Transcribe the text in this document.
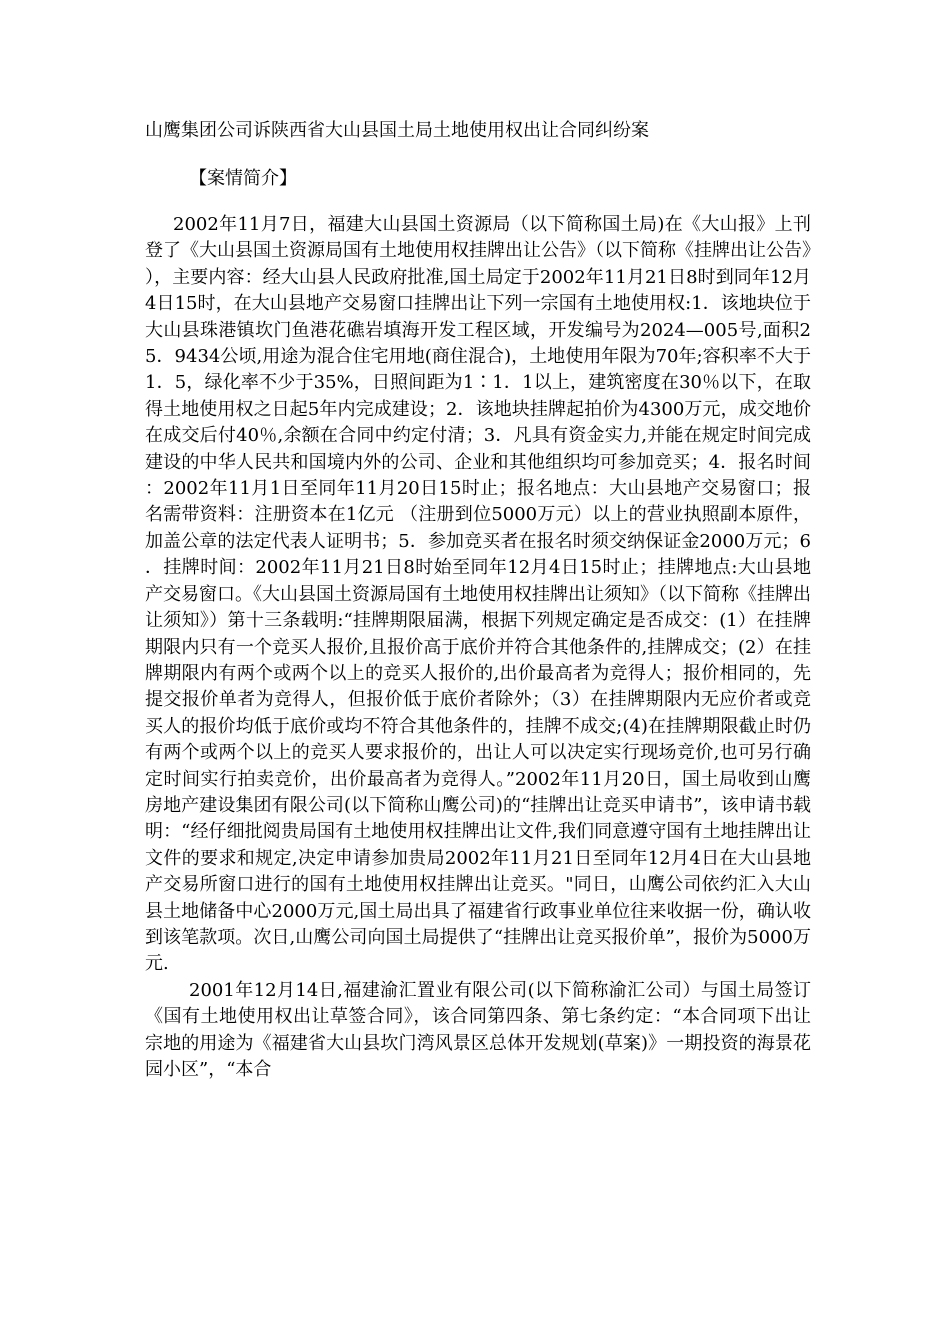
山鹰集团公司诉陕西省大山县国土局土地使用权出让合同纠纷案
【案情简介】

2002年11月7日，福建大山县国土资源局（以下简称国土局)在《大山报》上刊登了《大山县国土资源局国有土地使用权挂牌出让公告》（以下简称《挂牌出让公告》），主要内容：经大山县人民政府批准,国土局定于2002年11月21日8时到同年12月4日15时，在大山县地产交易窗口挂牌出让下列一宗国有土地使用权:1．该地块位于大山县珠港镇坎门鱼港花礁岩填海开发工程区域，开发编号为2024—005号,面积25．9434公顷,用途为混合住宅用地(商住混合)，土地使用年限为70年;容积率不大于1．5，绿化率不少于35%，日照间距为1∶1．1以上，建筑密度在30％以下，在取得土地使用权之日起5年内完成建设；2．该地块挂牌起拍价为4300万元，成交地价在成交后付40％,余额在合同中约定付清；3．凡具有资金实力,并能在规定时间完成建设的中华人民共和国境内外的公司、企业和其他组织均可参加竞买；4．报名时间：2002年11月1日至同年11月20日15时止；报名地点：大山县地产交易窗口；报名需带资料：注册资本在1亿元 （注册到位5000万元）以上的营业执照副本原件，加盖公章的法定代表人证明书；5．参加竞买者在报名时须交纳保证金2000万元；6．挂牌时间：2002年11月21日8时始至同年12月4日15时止；挂牌地点:大山县地产交易窗口。《大山县国土资源局国有土地使用权挂牌出让须知》（以下简称《挂牌出让须知》）第十三条载明:“挂牌期限届满，根据下列规定确定是否成交：(1）在挂牌期限内只有一个竞买人报价,且报价高于底价并符合其他条件的,挂牌成交；(2）在挂牌期限内有两个或两个以上的竞买人报价的,出价最高者为竞得人；报价相同的，先提交报价单者为竞得人，但报价低于底价者除外；（3）在挂牌期限内无应价者或竞买人的报价均低于底价或均不符合其他条件的，挂牌不成交;(4)在挂牌期限截止时仍有两个或两个以上的竞买人要求报价的，出让人可以决定实行现场竞价,也可另行确定时间实行拍卖竞价，出价最高者为竞得人。”2002年11月20日，国土局收到山鹰房地产建设集团有限公司(以下简称山鹰公司)的“挂牌出让竞买申请书”，该申请书载明：“经仔细批阅贵局国有土地使用权挂牌出让文件,我们同意遵守国有土地挂牌出让文件的要求和规定,决定申请参加贵局2002年11月21日至同年12月4日在大山县地产交易所窗口进行的国有土地使用权挂牌出让竞买。"同日，山鹰公司依约汇入大山县土地储备中心2000万元,国土局出具了福建省行政事业单位往来收据一份，确认收到该笔款项。次日,山鹰公司向国土局提供了“挂牌出让竞买报价单”，报价为5000万元.

2001年12月14日,福建渝汇置业有限公司(以下简称渝汇公司）与国土局签订《国有土地使用权出让草签合同》，该合同第四条、第七条约定：“本合同项下出让宗地的用途为《福建省大山县坎门湾风景区总体开发规划(草案)》一期投资的海景花园小区”，“本合
